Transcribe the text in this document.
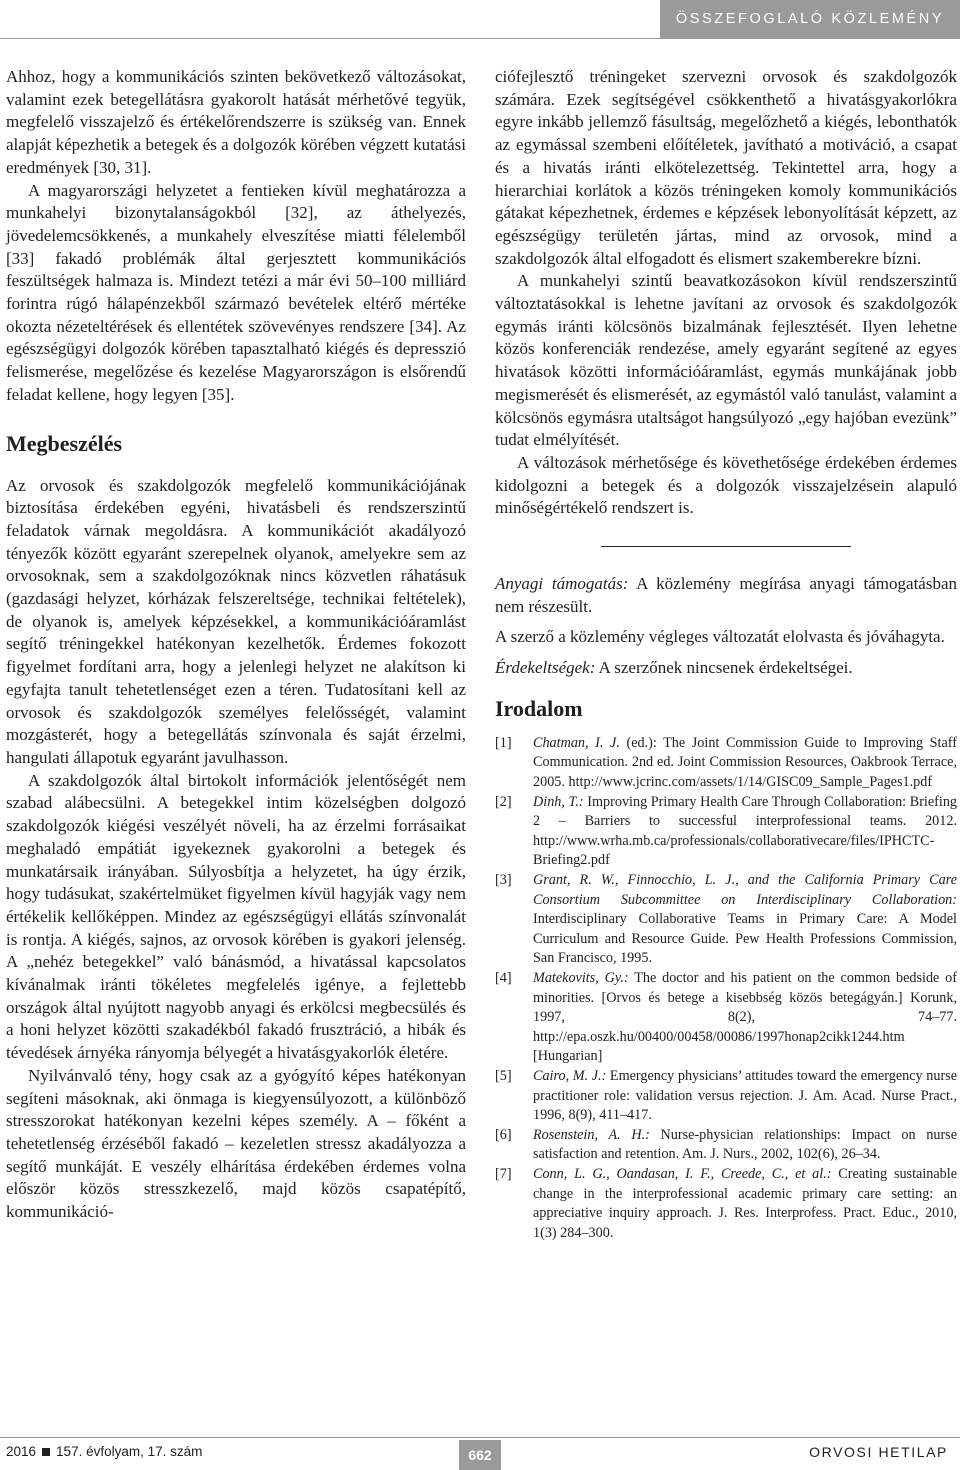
ÖSSZEFOGLALÓ KÖZLEMÉNY

Ahhoz, hogy a kommunikációs szinten bekövetkező változásokat, valamint ezek betegellátásra gyakorolt hatását mérhetővé tegyük, megfelelő visszajelző és értékelőrendszerre is szükség van. Ennek alapját képezhetik a betegek és a dolgozók körében végzett kutatási eredmények [30, 31].

A magyarországi helyzetet a fentieken kívül meghatározza a munkahelyi bizonytalanságokból [32], az áthelyezés, jövedelemcsökkenés, a munkahely elveszítése miatti félelemből [33] fakadó problémák által gerjesztett kommunikációs feszültségek halmaza is. Mindezt tetézi a már évi 50–100 milliárd forintra rúgó hálapénzekből származó bevételek eltérő mértéke okozta nézeteltérések és ellentétek szövevényes rendszere [34]. Az egészségügyi dolgozók körében tapasztalható kiégés és depresszió felismerése, megelőzése és kezelése Magyarországon is elsőrendű feladat kellene, hogy legyen [35].

Megbeszélés

Az orvosok és szakdolgozók megfelelő kommunikációjának biztosítása érdekében egyéni, hivatásbeli és rendszerszintű feladatok várnak megoldásra. A kommunikációt akadályozó tényezők között egyaránt szerepelnek olyanok, amelyekre sem az orvosoknak, sem a szakdolgozóknak nincs közvetlen ráhatásuk (gazdasági helyzet, kórházak felszereltsége, technikai feltételek), de olyanok is, amelyek képzésekkel, a kommunikációáramlást segítő tréningekkel hatékonyan kezelhetők. Érdemes fokozott figyelmet fordítani arra, hogy a jelenlegi helyzet ne alakítson ki egyfajta tanult tehetetlenséget ezen a téren. Tudatosítani kell az orvosok és szakdolgozók személyes felelősségét, valamint mozgásterét, hogy a betegellátás színvonala és saját érzelmi, hangulati állapotuk egyaránt javulhasson.

A szakdolgozók által birtokolt információk jelentőségét nem szabad alábecsülni. A betegekkel intim közelségben dolgozó szakdolgozók kiégési veszélyét növeli, ha az érzelmi forrásaikat meghaladó empátiát igyekeznek gyakorolni a betegek és munkatársaik irányában. Súlyosbítja a helyzetet, ha úgy érzik, hogy tudásukat, szakértelmüket figyelmen kívül hagyják vagy nem értékelik kellőképpen. Mindez az egészségügyi ellátás színvonalát is rontja. A kiégés, sajnos, az orvosok körében is gyakori jelenség. A „nehéz betegekkel” való bánásmód, a hivatással kapcsolatos kívánalmak iránti tökéletes megfelelés igénye, a fejlettebb országok által nyújtott nagyobb anyagi és erkölcsi megbecsülés és a honi helyzet közötti szakadékból fakadó frusztráció, a hibák és tévedések árnyéka rányomja bélyegét a hivatásgyakorlók életére.

Nyilvánvaló tény, hogy csak az a gyógyító képes hatékonyan segíteni másoknak, aki önmaga is kiegyensúlyozott, a különböző stresszorokat hatékonyan kezelni képes személy. A – főként a tehetetlenség érzéséből fakadó – kezeletlen stressz akadályozza a segítő munkáját. E veszély elhárítása érdekében érdemes volna először közös stresszkezelő, majd közös csapatépítő, kommunikáció-

ciófejlesztő tréningeket szervezni orvosok és szakdolgozók számára. Ezek segítségével csökkenthető a hivatásgyakorlókra egyre inkább jellemző fásultság, megelőzhető a kiégés, lebonthatók az egymással szembeni előítéletek, javítható a motiváció, a csapat és a hivatás iránti elkötelezettség. Tekintettel arra, hogy a hierarchiai korlátok a közös tréningeken komoly kommunikációs gátakat képezhetnek, érdemes e képzések lebonyolítását képzett, az egészségügy területén jártas, mind az orvosok, mind a szakdolgozók által elfogadott és elismert szakemberekre bízni.

A munkahelyi szintű beavatkozásokon kívül rendszerszintű változtatásokkal is lehetne javítani az orvosok és szakdolgozók egymás iránti kölcsönös bizalmának fejlesztését. Ilyen lehetne közös konferenciák rendezése, amely egyaránt segítené az egyes hivatások közötti információáramlást, egymás munkájának jobb megismerését és elismerését, az egymástól való tanulást, valamint a kölcsönös egymásra utaltságot hangsúlyozó „egy hajóban evezünk” tudat elmélyítését.

A változások mérhetősége és követhetősége érdekében érdemes kidolgozni a betegek és a dolgozók visszajelzésein alapuló minőségértékelő rendszert is.

Anyagi támogatás: A közlemény megírása anyagi támogatásban nem részesült.

A szerző a közlemény végleges változatát elolvasta és jóváhagyta.

Érdekeltségek: A szerzőnek nincsenek érdekeltségei.

Irodalom
[1]	Chatman, I. J. (ed.): The Joint Commission Guide to Improving Staff Communication. 2nd ed. Joint Commission Resources, Oakbrook Terrace, 2005. http://www.jcrinc.com/assets/1/14/GISC09_Sample_Pages1.pdf
[2]	Dinh, T.: Improving Primary Health Care Through Collaboration: Briefing 2 – Barriers to successful interprofessional teams. 2012. http://www.wrha.mb.ca/professionals/collaborativecare/files/IPHCTC-Briefing2.pdf
[3]	Grant, R. W., Finnocchio, L. J., and the California Primary Care Consortium Subcommittee on Interdisciplinary Collaboration: Interdisciplinary Collaborative Teams in Primary Care: A Model Curriculum and Resource Guide. Pew Health Professions Commission, San Francisco, 1995.
[4]	Matekovits, Gy.: The doctor and his patient on the common bedside of minorities. [Orvos és betege a kisebbség közös betegágyán.] Korunk, 1997, 8(2), 74–77. http://epa.oszk.hu/00400/00458/00086/1997honap2cikk1244.htm [Hungarian]
[5]	Cairo, M. J.: Emergency physicians’ attitudes toward the emergency nurse practitioner role: validation versus rejection. J. Am. Acad. Nurse Pract., 1996, 8(9), 411–417.
[6]	Rosenstein, A. H.: Nurse-physician relationships: Impact on nurse satisfaction and retention. Am. J. Nurs., 2002, 102(6), 26–34.
[7]	Conn, L. G., Oandasan, I. F., Creede, C., et al.: Creating sustainable change in the interprofessional academic primary care setting: an appreciative inquiry approach. J. Res. Interprofess. Pract. Educ., 2010, 1(3) 284–300.
2016 157. évfolyam, 17. szám	662	ORVOSI HETILAP
